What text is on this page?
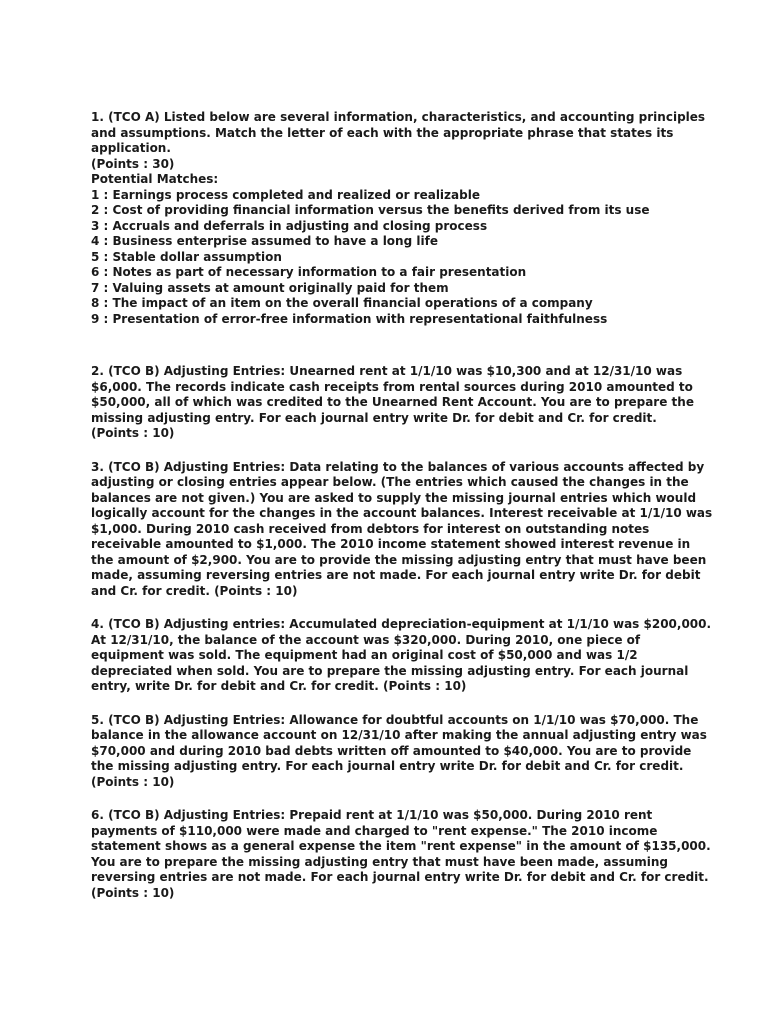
1. (TCO A) Listed below are several information, characteristics, and accounting principles
and assumptions. Match the letter of each with the appropriate phrase that states its
application.
(Points : 30)
Potential Matches:
1 : Earnings process completed and realized or realizable
2 : Cost of providing financial information versus the benefits derived from its use
3 : Accruals and deferrals in adjusting and closing process
4 : Business enterprise assumed to have a long life
5 : Stable dollar assumption
6 : Notes as part of necessary information to a fair presentation
7 : Valuing assets at amount originally paid for them
8 : The impact of an item on the overall financial operations of a company
9 : Presentation of error-free information with representational faithfulness
2. (TCO B) Adjusting Entries: Unearned rent at 1/1/10 was $10,300 and at 12/31/10 was
$6,000. The records indicate cash receipts from rental sources during 2010 amounted to
$50,000, all of which was credited to the Unearned Rent Account. You are to prepare the
missing adjusting entry. For each journal entry write Dr. for debit and Cr. for credit.
(Points : 10)
3. (TCO B) Adjusting Entries: Data relating to the balances of various accounts affected by
adjusting or closing entries appear below. (The entries which caused the changes in the
balances are not given.) You are asked to supply the missing journal entries which would
logically account for the changes in the account balances. Interest receivable at 1/1/10 was
$1,000. During 2010 cash received from debtors for interest on outstanding notes
receivable amounted to $1,000. The 2010 income statement showed interest revenue in
the amount of $2,900. You are to provide the missing adjusting entry that must have been
made, assuming reversing entries are not made. For each journal entry write Dr. for debit
and Cr. for credit. (Points : 10)
4. (TCO B) Adjusting entries: Accumulated depreciation-equipment at 1/1/10 was $200,000.
At 12/31/10, the balance of the account was $320,000. During 2010, one piece of
equipment was sold. The equipment had an original cost of $50,000 and was 1/2
depreciated when sold. You are to prepare the missing adjusting entry. For each journal
entry, write Dr. for debit and Cr. for credit. (Points : 10)
5. (TCO B) Adjusting Entries: Allowance for doubtful accounts on 1/1/10 was $70,000. The
balance in the allowance account on 12/31/10 after making the annual adjusting entry was
$70,000 and during 2010 bad debts written off amounted to $40,000. You are to provide
the missing adjusting entry. For each journal entry write Dr. for debit and Cr. for credit.
(Points : 10)
6. (TCO B) Adjusting Entries: Prepaid rent at 1/1/10 was $50,000. During 2010 rent
payments of $110,000 were made and charged to "rent expense." The 2010 income
statement shows as a general expense the item "rent expense" in the amount of $135,000.
You are to prepare the missing adjusting entry that must have been made, assuming
reversing entries are not made. For each journal entry write Dr. for debit and Cr. for credit.
(Points : 10)
